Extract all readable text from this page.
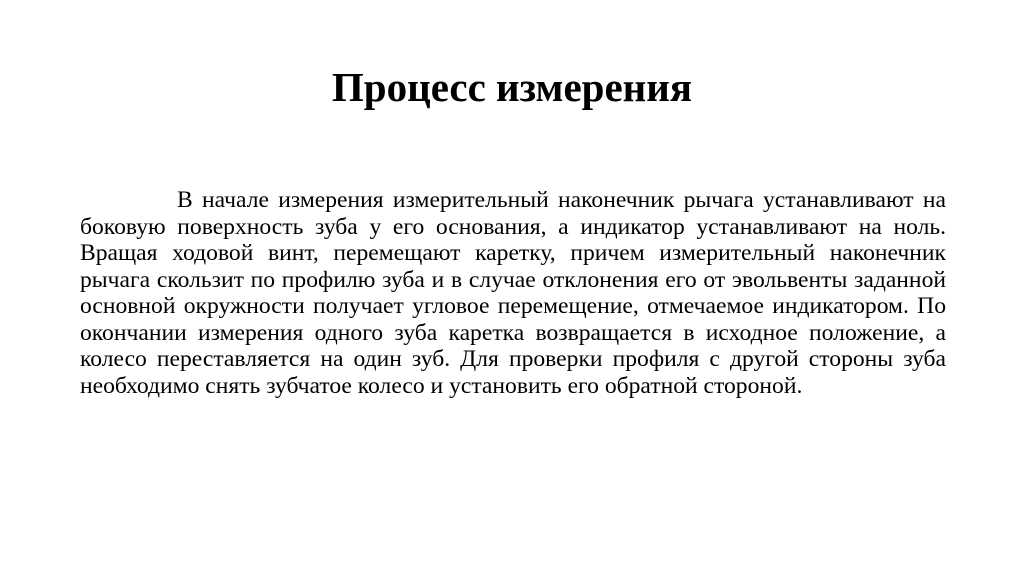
Процесс измерения

В начале измерения измерительный наконечник рычага устанавливают на боковую поверхность зуба у его основания, а индикатор устанавливают на ноль. Вращая ходовой винт, перемещают каретку, причем измерительный наконечник рычага скользит по профилю зуба и в случае отклонения его от эвольвенты заданной основной окружности получает угловое перемещение, отмечаемое индикатором. По окончании измерения одного зуба каретка возвращается в исходное положение, а колесо переставляется на один зуб. Для проверки профиля с другой стороны зуба необходимо снять зубчатое колесо и установить его обратной стороной.
